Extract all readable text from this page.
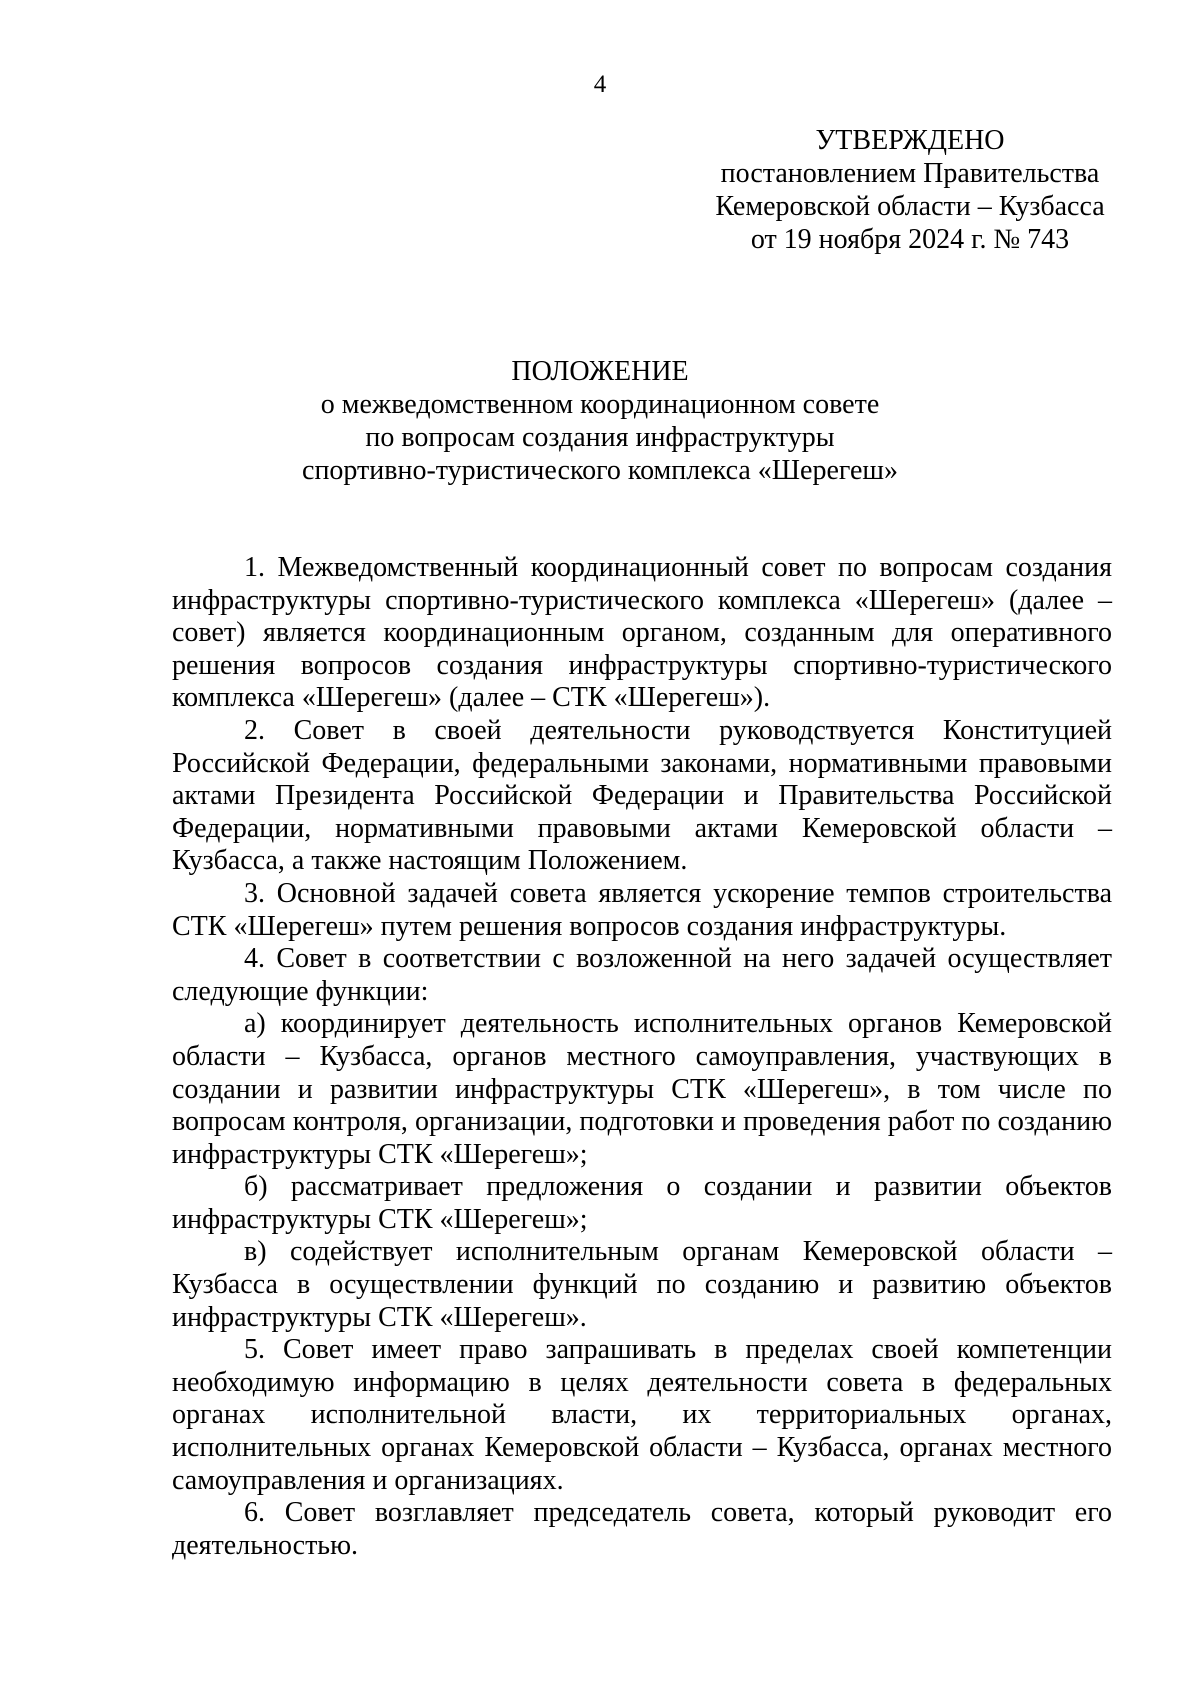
4
УТВЕРЖДЕНО
постановлением Правительства
Кемеровской области – Кузбасса
от 19 ноября 2024 г. № 743
ПОЛОЖЕНИЕ
о межведомственном координационном совете
по вопросам создания инфраструктуры
спортивно-туристического комплекса «Шерегеш»

1. Межведомственный координационный совет по вопросам создания инфраструктуры спортивно-туристического комплекса «Шерегеш» (далее – совет) является координационным органом, созданным для оперативного решения вопросов создания инфраструктуры спортивно-туристического комплекса «Шерегеш» (далее – СТК «Шерегеш»).

2. Совет в своей деятельности руководствуется Конституцией Российской Федерации, федеральными законами, нормативными правовыми актами Президента Российской Федерации и Правительства Российской Федерации, нормативными правовыми актами Кемеровской области – Кузбасса, а также настоящим Положением.

3. Основной задачей совета является ускорение темпов строительства СТК «Шерегеш» путем решения вопросов создания инфраструктуры.

4. Совет в соответствии с возложенной на него задачей осуществляет следующие функции:

а) координирует деятельность исполнительных органов Кемеровской области – Кузбасса, органов местного самоуправления, участвующих в создании и развитии инфраструктуры СТК «Шерегеш», в том числе по вопросам контроля, организации, подготовки и проведения работ по созданию инфраструктуры СТК «Шерегеш»;

б) рассматривает предложения о создании и развитии объектов инфраструктуры СТК «Шерегеш»;

в) содействует исполнительным органам Кемеровской области – Кузбасса в осуществлении функций по созданию и развитию объектов инфраструктуры СТК «Шерегеш».

5. Совет имеет право запрашивать в пределах своей компетенции необходимую информацию в целях деятельности совета в федеральных органах исполнительной власти, их территориальных органах, исполнительных органах Кемеровской области – Кузбасса, органах местного самоуправления и организациях.

6. Совет возглавляет председатель совета, который руководит его деятельностью.
